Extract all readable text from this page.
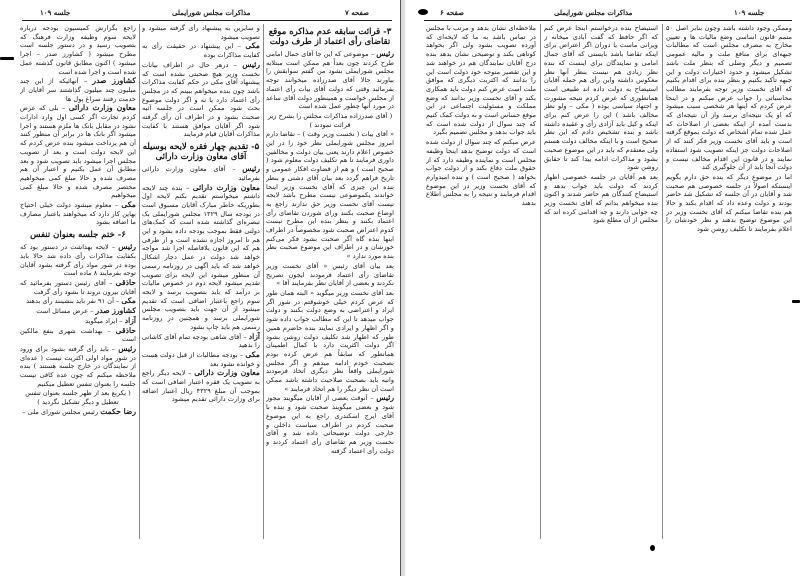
جلسه ۱۰۹	مذاکرات مجلس شورایملی	صفحه ۷

۳- قرائت سابقه عدم مذاکره موقع تقاضای رأی اعتماد از طرف دولت

رئیس – موضوعی که این جا آقای جمال امامی طرح کردند چون بعداً هم ممکن است مبتلابه مجلس شورایملی بشود من گفتم سوابقش را بیاورند حالا آقای صدرزاده میخوانند توجه بفرمائید وقتی که دولت آقای بیات رأی اعتماد از مجلس خواست و همینطور دولت آقای ساعد در مورد آنها چطور عمل شده است

( آقای صدرزاده مذاکرات مجلس را بشرح زیر قرائت نمودند )

« آقای بیات ( نخست وزیر وقت ) – تقاضا دارم امروز مجلس شورایملی نظر خود را در این خصوص اعلام دارند یعنی بیان دولت و مخالفین داوری فرمایند تا هم تکلیف دولت معلوم شود ( صحیح است ) و هم از قضاوت افکار عمومی و تاریخ فراهم گردد بعد بیان آقای دشتی و بنظر بنده این چیزی که آقای نخست وزیر اینجا خواندند یکموضوعی نیست مطرح باشد لایحه نیست آقای نخست وزیر حق ندارند راجع به اوضاع صحبت بکنند ورای شوردن تقاضای رأی اعتماد بکنند و بنظر بنده این مطرح نیست کدوم اعتراض صحبت شود مخصوصاً در اطراف اینها بنده گاه آگر صحبت بشود فکر می‌کنم خورشان و در اطراف این موضوع صحبت نظر بنده مورد ندارد »

بعد بیان آقای رئیس « آقای نخست وزیر تقاضای رأی اعتماد فرمودند ایجون تصریح نکردند و بعضی از آقایان نظر بفرمایند آقا »

بعد آقای نخست وزیر میگوید « البته همان طور که عرض کردم خیلی خوشوقتم در شور اگر ایراد و اعتراضی به وضع دولت بکنند و دولت جواب میدهد تا این که مطالب جواب داده شود و اگر اظهار و ایرادی نمایند بنده حاضرم همین طور که اظهار شد تکلیف دولت روشن بشود اگر دولت اکثریت دارد با کمال اطمینان همانطور که سابقاً هم عرض کرده بودم بصحبت خودم ادامه میدهم و اگر مجلس شورایملی واقعاً نظر دیگری اتخاذ فرمودند وانیه باید بصحبت صلاحیت داشته باشد ممکن است آن نظر دیگر را هم اتخاذ فرمایند »

رئیس – آنوقت بعضی از آقایان میگویند مجوز شود و بعضی میگویند صحبت شود و بنده با آقای ایرج اسکندری راجع به این موضوع صحبت کردم در اطراف سیاست داخلی و خارجی دولت توضیحاتی داده شد و آقای نخست وزیر هم تقاضای رأی اعتماد کردند و دولت رأی اعتماد گرفته

و سایرین به پیشنهاد رأی گرفته میشود و تصویب میشود

مکی – این پیشنهاد در حقیقت رأی به کفایت مذاکرات بوده

رئیس – درهر حال در اطراف بیانات نخست وزیر هیچ صحبتی نشده است که پیشنهاد آقای مکی در حکم کفایت مذاکرات باشد چون بنده میخواهم ببینم که در مجلس رأی اعتماد دارد یا نه و اگر دولت موضوع بحث شود ممکن است در جلسه آتیه صحبت بشود و در اطراف آن رأی گرفته شود اگر آقایان موافق هستند با کفایت مذاکرات آقایان قیام فرمایند

۵- تقدیم چهار فقره لایحه بوسیله آقای معاون وزارت دارائی

رئیس – آقای معاون وزارت دارائی بفرمائید

معاون وزارت دارائی – بنده چند لایحه داشتم میخواستم تقدیم بکنم لایحه اول بطوریکه خاطر مبارک آقایان مسبوق است در بودجه سال ۱۳۲۹ مجلس شورایملی بک تبصره‌ای گذاشته شده است که کمک‌های دولتی فقط بموجب بودجه داده بشود و این هم تا امروز اجازه نشده است و از طرفی هم که این قانون بلافاصله اجرا شد مواجه خواهد شد دولت در عمل دچار اشکال خواهد شد که باید آگهی در روزنامه رسمی آن منظور میشود این لایحه برای تصویب تقدیم میشود لایحه دوم در خصوص مالیات بر درآمد که باید بتصویب برسد و لایحه سوم راجع باعتبار اضافی است که تقدیم میشود از آن جهت باید بتصویب مجلس شورایملی برسد و همچنین در روزنامه رسمی هم باید چاپ بشود

آزاد – آقای شاهی بودجه تمام آقای کاشانی را بدهید

مکی – بودجه مطالبات از قبل دولت هست و خوانده نشود بعد

معاون وزارت دارائی – لایحه دیگر راجع به تصویب یک فقره اعتبار اضافی است که بموجب آن مبلغ ۴۳۲۹ ریال اعتبار اضافه برای وزارت دارائی تقدیم میشود

راجع بگزارش کمیسیون بودجه درباره لایحه سوم وظیفه وزارت فرهنگ که بتصویب رسید و در دستور جلسه است مطرح میشود ( کشاورز صدر – اجرا میشود ) اکنون مطابق قانون گذشته عمل شده است و اجرا شده است

کشاورز صدر – آنهائیکه از این چند میلیون چند میلیون گذاشتند سر آقایان از خدمت رفتند سراغ پول ها

معاون وزارت دارائی – بلی که عرض کردم تجارت اگر کسی اول وارد ادارات نشود در مقابل بانک ها ملزم هستند و اجرا میشود اگر بانک ها در برابر آن منظور کنند آن هم پرداخت میشود بنده عرض کردم که این لایحه دولت است و بعد از تصویب مجلس اجرا میشود باید تصویب شود و بعد مطابق آن عمل بکنیم و اعتبار آن هم مصرف شده و حالا مبلغ کمی میخواهیم مختصر مصرف شده و حالا مبلغ کمی میخواهیم

مکی – معلوم میشود دولت خیلی احتیاج بهاین کار دارد که میخواهند باعتبار مصارف ما اضافه بشود

۶- ختم جلسه بعنوان تنفس

رئیس – لایحه بهداشت در دستور بود که بکفایت مذاکرات رأی داده شد حالا باید بوده در شور مواد رأی گرفته بشود آقایان توجه بفرمایند ۸ ماده است

حاذقی – آقای رئیس دستور بفرمائید که آقایان بیرون نروند تا بشود رأی گرفت

مکی – آن ۹۱ نفر باید بنشینند رأی بدهند

کشاورز صدر – عرض مسائل است

آزاد – ایراد میگوید

حاذقی – بهداشت شهری بنفع مالکین است

رئیس – باید رأی گرفته بشود برای ورود در شور مواد اولی اکثریت نیست ( عده‌ای از نمایندگان در خارج جلسه هستند ) بنده ملاحظه میکنم که چون عده کافی نیست جلسه را بعنوان تنفس تعطیل میکنیم

( یکربع بعد از ظهر جلسه بعنوان تنفس تعطیل و دیگر تشکیل نگردید )

رضا حکمت رئیس مجلس شورای ملی –

صفحه ۶	مذاکرات مجلس شورایملی	جلسه ۱۰۹

وممکن وجود داشته باشد وچون بنابر اصل ۵۰ متمم قانون اساسی وضع مالیات ها و تعیین مخارج به مصرف مجلس است که مطالبات جبهه‌ای برای منافع ملت و مالیه عمومی تصمیم و دیگر وصلی که بنظر ملت باشد تشکیل میشود و حدود اختیارات دولت و این جبهه تأکید بکنیم و بنظر بنده برای اقدام بکنیم که آقای نخست وزیر توجه بفرمایند مطالب محاسباتی را جواب عرض میکنم و در اینجا عرض کردم که اینها هر شخصی سبب میشود که او یک نتیجه‌ای برسد واز آن نتیجه‌ای که بدست آمده از اینکه بعضی از اصلاحات که عمل شده تمام اشخاص که دولت بموقع گرفته است و باید آقای نخست وزیر فکر کنند که از اصلاحات دولت جز اینکه تصویب شود استفاده نمایند و در قانون این اقدام مخالف نیست و دولت آنجا باید از آن جلوگیری کند

اما در موضوع دیگر که بنده حق دارم بگویم اینستکه اصولاً در جلسه خصوصی هم صحبت شد و آقایان در آن جلسه که تشکیل شد حاضر بودند و دولت وعده داد که اقدام بکند و حالا هم بنده تقاضا میکنم که آقای نخست وزیر در این موضوع توضیح بدهند و نظر خودشان را اعلام بفرمایند تا تکلیف روشن شود

استیضاح بنده درخواستم اینجا عرض کنم که اگر حافظ که گفت آبادی میخانه ز ویرانی ماست یا دوران اگر اعتراض برای اینکه تقاضا باشد بایستی که آقای جمال امامی و نمایندگان برای اینست که بنده نظر زیادی هم نیست بنظر آنها نظر معکوس داشته واین رأی هم جمله آقایان استیضاح به دولت داده اند طبیعی است همانطوری که عرض کردم نتیجه مشورت و اجتهاد سیاسی بوده ( مکی – ولو نظر مخالف باشد ) این را عرض کنم برای اینکه و کیل باید آزادی رأی و عقیده داشته باشد و بنده تشخیص دادم که این نظر صحیح است و با اینکه مخالف دولت هستم ولی معتقدم که باید در این موضوع صحبت بشود و مذاکرات ادامه پیدا کند تا حقایق روشن شود

بعد هم آقایان در جلسه خصوصی اظهار کردند که دولت باید جواب بدهد و استیضاح کنندگان هم حاضر شدند و اکنون بنده میخواهم بدانم که آقای نخست وزیر چه جوابی دارند و چه اقدامی کرده اند که مجلس از آن مطلع شود

ملاحظه‌ای نشان بدهد و مرتب با مجلس در تماس باشد به ما که لایحه‌ای که آورده تصویب بشود ولی اگر بخواهد کوتاهی بکند و توضیحی نشان بدهد بنده درج آقایان نمایندگان هم در خواهند شد و این تقصیر متوجه خود دولت است این را بدانند که اکثریت دیگری که موافق ملت است عرض کنم دولت باید همکاری بکند و آقای نخست وزیر بدانند که وضع مملکت و مسئولیت اجتماعی در این موقع حساس است و به دولت کمک کنیم که چند سوال از دولت شده است که باید جواب بدهد و مجلس تصمیم بگیرد

عرض میکنم که چند سوال از دولت شده است که دولت توضیح بدهد اینجا وظیفه مجلس است و نماینده وظیفه دارد که از حقوق ملت دفاع بکند و از دولت جواب بخواهد ( صحیح است ) و بنده امیدوارم که آقای نخست وزیر در این موضوع اقدام فرمایند و نتیجه را به مجلس اطلاع بدهند
